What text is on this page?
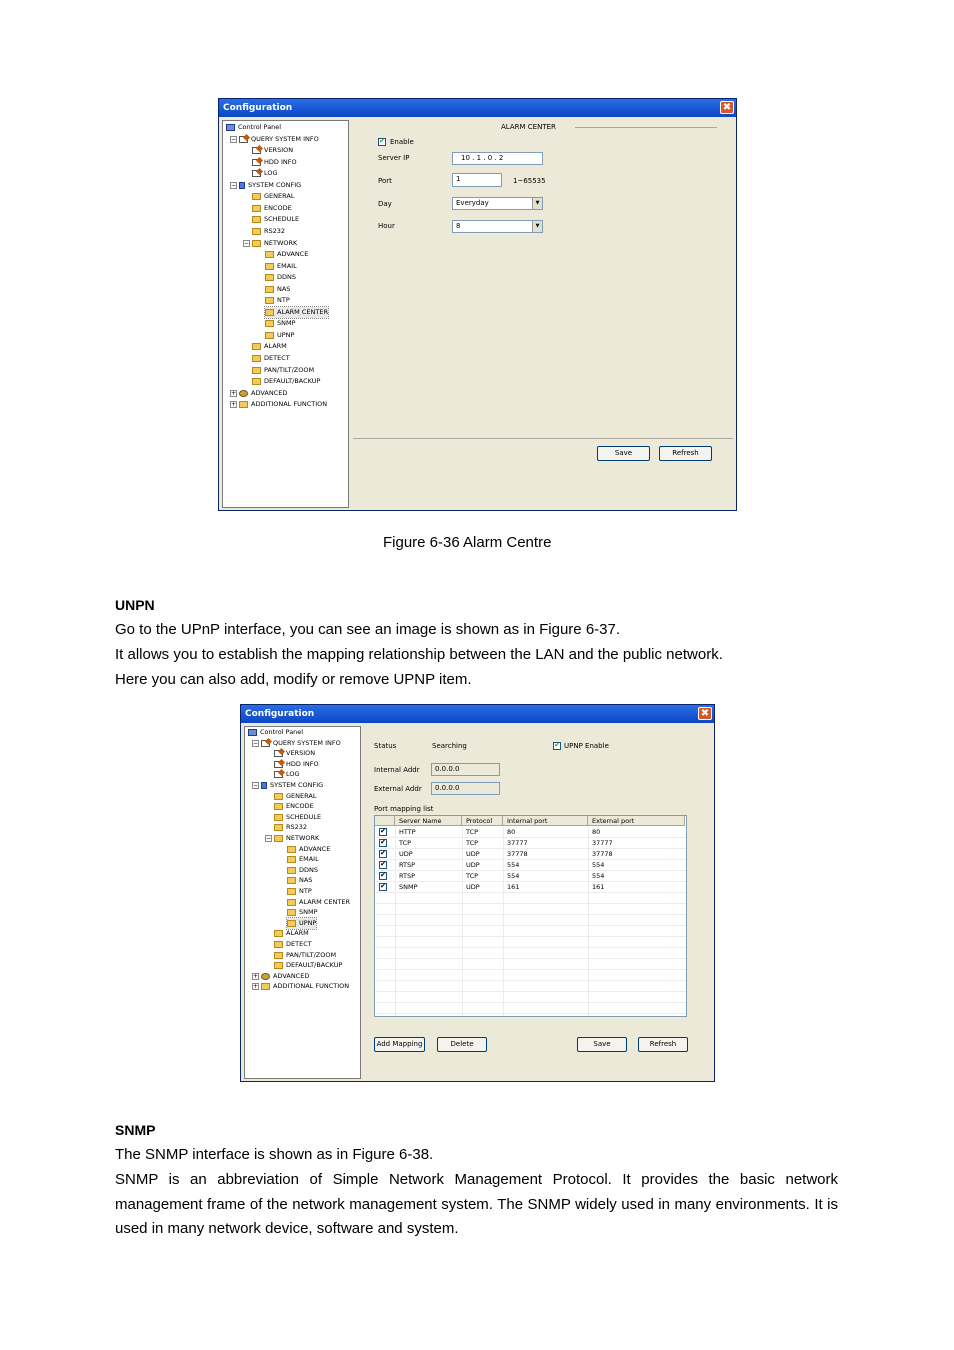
Configuration	✖
Control Panel
− QUERY SYSTEM INFO
VERSION
HDD INFO
LOG
− SYSTEM CONFIG
GENERAL
ENCODE
SCHEDULE
RS232
− NETWORK
ADVANCE
EMAIL
DDNS
NAS
NTP
ALARM CENTER
SNMP
UPNP
ALARM
DETECT
PAN/TILT/ZOOM
DEFAULT/BACKUP
+ ADVANCED
+ ADDITIONAL FUNCTION
ALARM CENTER
✔ Enable
Server IP	10 . 1 . 0 . 2
Port	1	1~65535
Day	Everyday	▼
Hour	8	▼
Save	Refresh
Figure 6-36 Alarm Centre
UNPN
Go to the UPnP interface, you can see an image is shown as in Figure 6-37.
It allows you to establish the mapping relationship between the LAN and the public network.
Here you can also add, modify or remove UPNP item.
Configuration	✖
Control Panel
− QUERY SYSTEM INFO
VERSION
HDD INFO
LOG
− SYSTEM CONFIG
GENERAL
ENCODE
SCHEDULE
RS232
− NETWORK
ADVANCE
EMAIL
DDNS
NAS
NTP
ALARM CENTER
SNMP
UPNP
ALARM
DETECT
PAN/TILT/ZOOM
DEFAULT/BACKUP
+ ADVANCED
+ ADDITIONAL FUNCTION
Status	Searching	✔ UPNP Enable
Internal Addr	0.0.0.0
External Addr	0.0.0.0
Port mapping list
Server Name	Protocol	Internal port	External port
✔ HTTP	TCP	80	80
✔ TCP	TCP	37777	37777
✔ UDP	UDP	37778	37778
✔ RTSP	UDP	554	554
✔ RTSP	TCP	554	554
✔ SNMP	UDP	161	161
Add Mapping	Delete	Save	Refresh
SNMP
The SNMP interface is shown as in Figure 6-38.
SNMP is an abbreviation of Simple Network Management Protocol. It provides the basic network management frame of the network management system. The SNMP widely used in many environments. It is used in many network device, software and system.
